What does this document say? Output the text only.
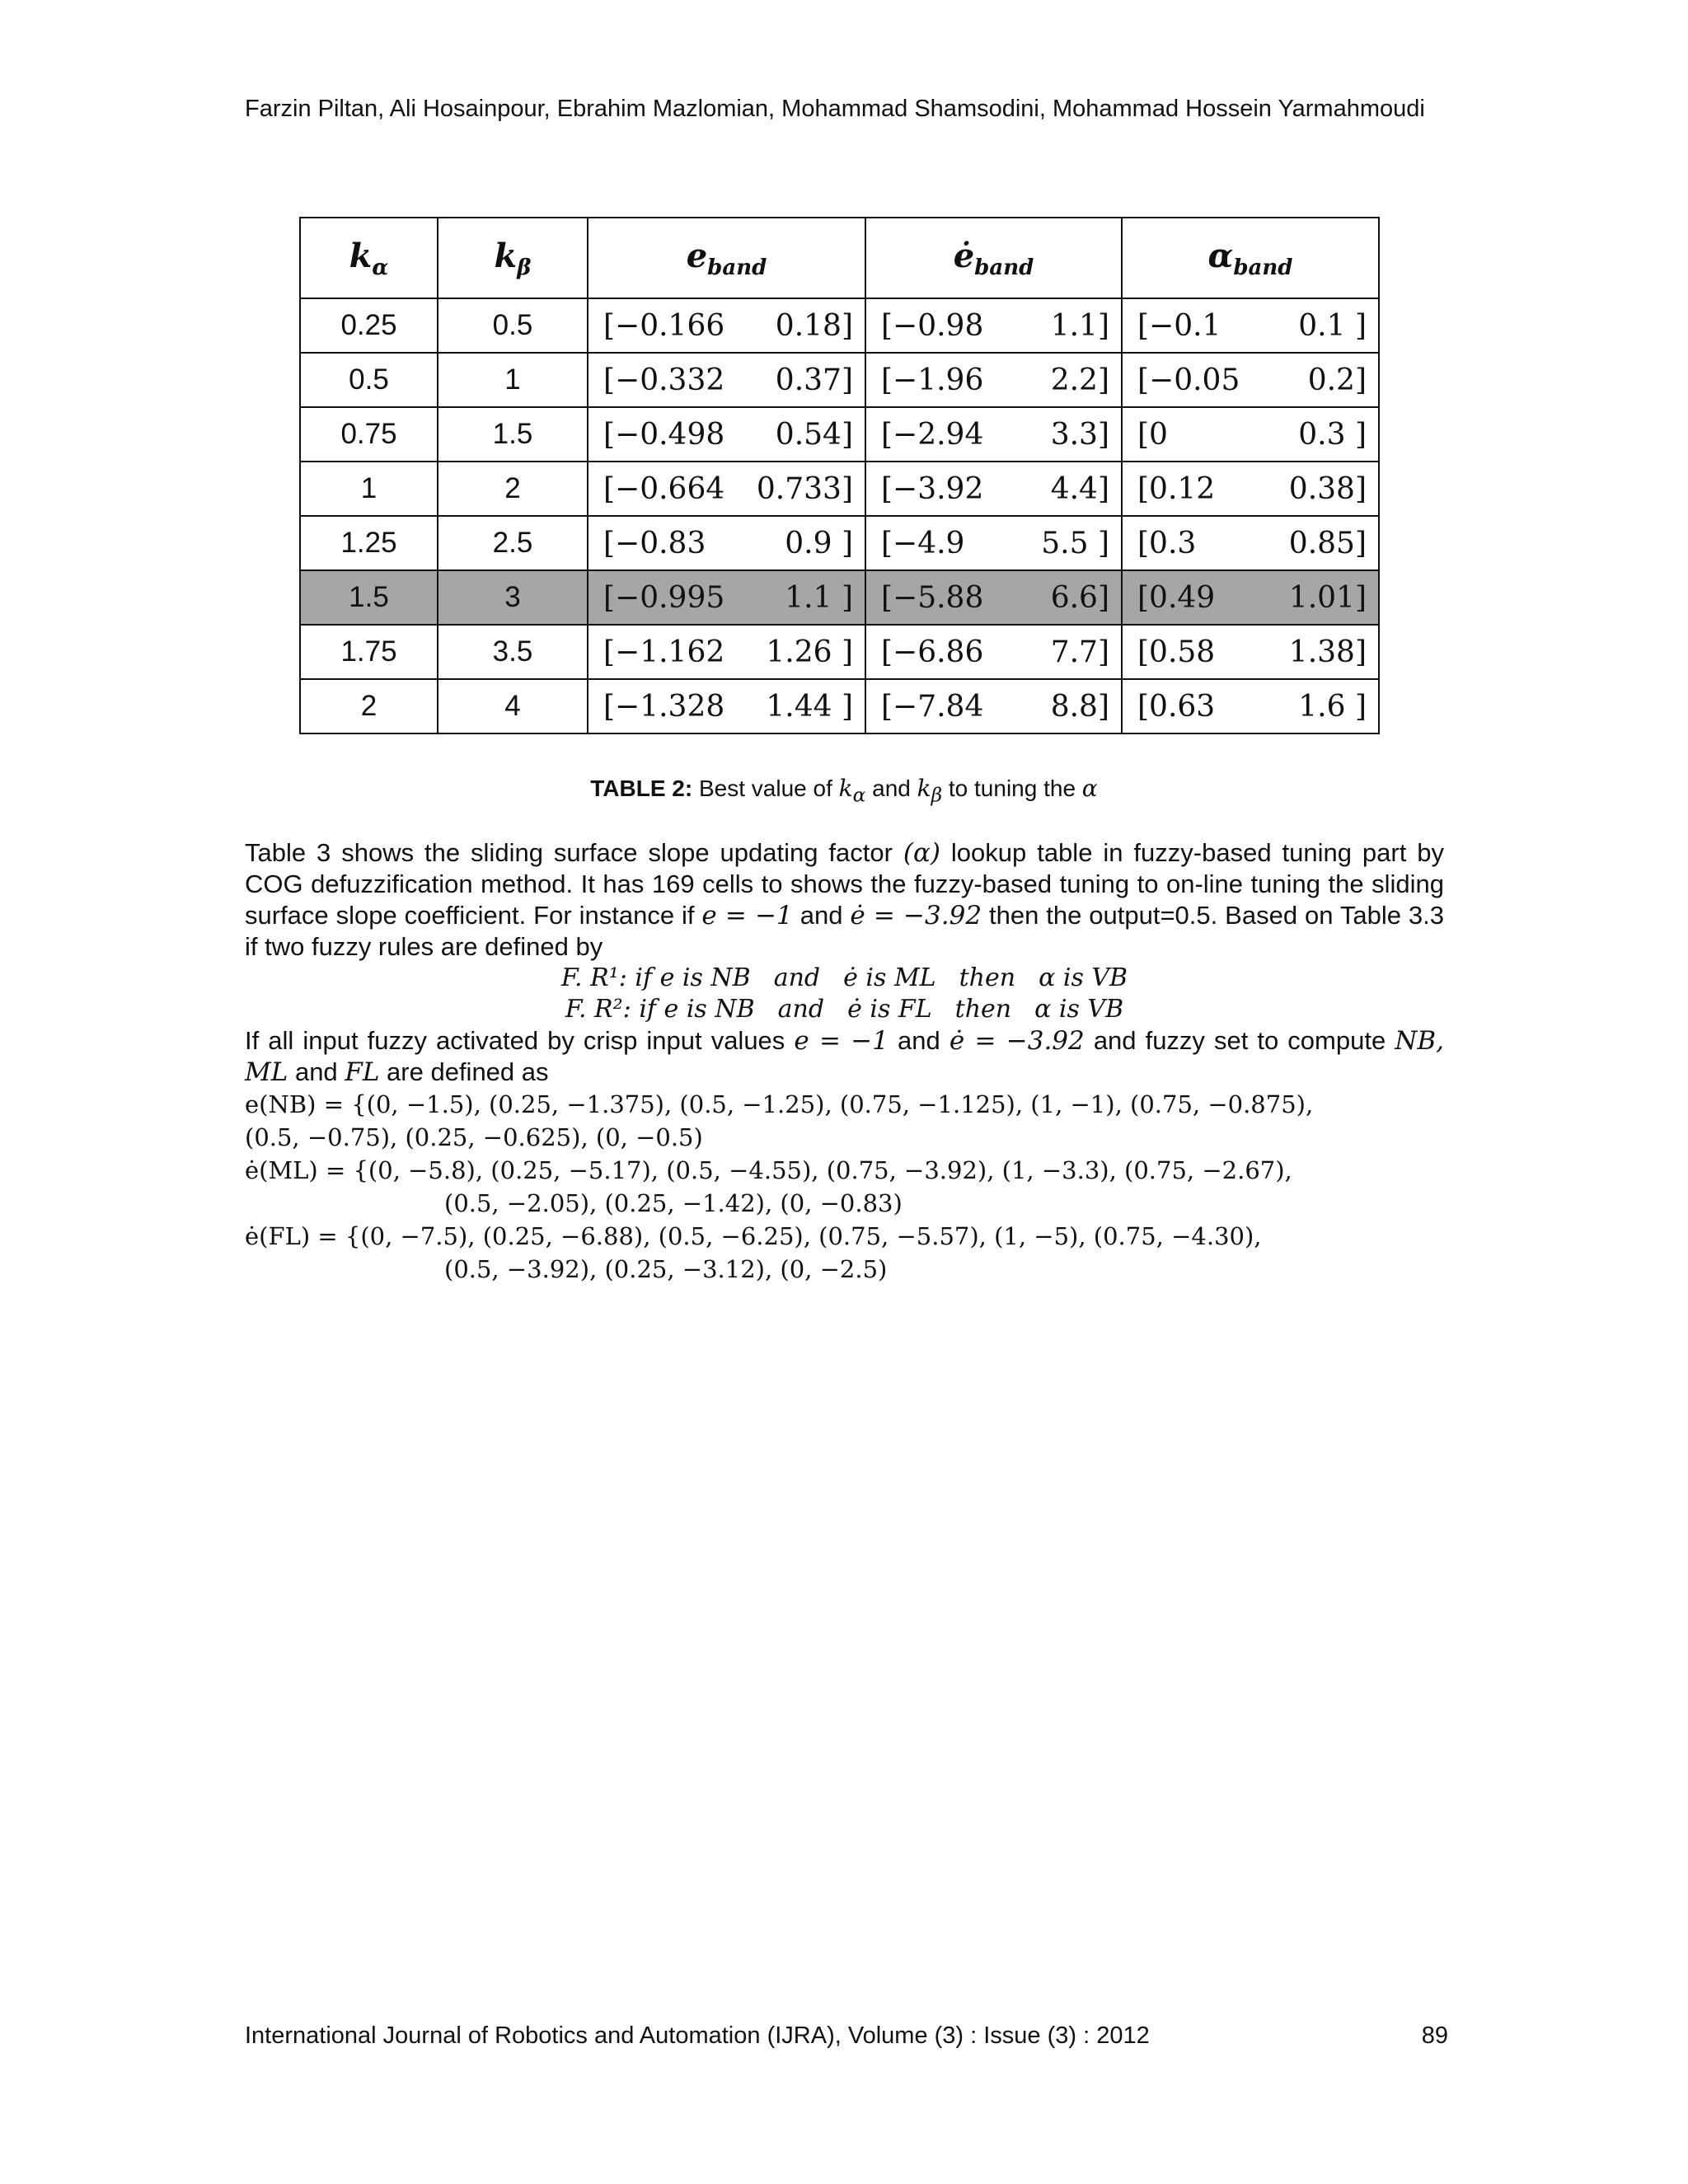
Farzin Piltan, Ali Hosainpour, Ebrahim Mazlomian, Mohammad Shamsodini, Mohammad Hossein Yarmahmoudi
$k_\alpha$	$k_\beta$	$e_{band}$	$ė_{band}$	$\alpha_{band}$
0.25	0.5	[−0.166 0.18]	[−0.98 1.1]	[−0.1 0.1 ]

0.5	1	[−0.332 0.37]	[−1.96 2.2]	[−0.05 0.2]

0.75	1.5	[−0.498 0.54]	[−2.94 3.3]	[0 0.3 ]

1	2	[−0.664 0.733]	[−3.92 4.4]	[0.12 0.38]

1.25	2.5	[−0.83 0.9 ]	[−4.9 5.5 ]	[0.3 0.85]

1.5	3	[−0.995 1.1 ]	[−5.88 6.6]	[0.49 1.01]

1.75	3.5	[−1.162 1.26 ]	[−6.86 7.7]	[0.58 1.38]

2	4	[−1.328 1.44 ]	[−7.84 8.8]	[0.63 1.6 ]
TABLE 2: Best value of $k_\alpha$ and $k_\beta$ to tuning the α
Table 3 shows the sliding surface slope updating factor (α) lookup table in fuzzy-based tuning part by COG defuzzification method. It has 169 cells to shows the fuzzy-based tuning to on-line tuning the sliding surface slope coefficient. For instance if e = −1 and ė = −3.92 then the output=0.5. Based on Table 3.3 if two fuzzy rules are defined by
F. R¹: if e is NB and ė is ML then α is VB
F. R²: if e is NB and ė is FL then α is VB
If all input fuzzy activated by crisp input values e = −1 and ė = −3.92 and fuzzy set to compute NB, ML and FL are defined as
e(NB) = {(0, −1.5), (0.25, −1.375), (0.5, −1.25), (0.75, −1.125), (1, −1), (0.75, −0.875),
(0.5, −0.75), (0.25, −0.625), (0, −0.5)
ė(ML) = {(0, −5.8), (0.25, −5.17), (0.5, −4.55), (0.75, −3.92), (1, −3.3), (0.75, −2.67),
(0.5, −2.05), (0.25, −1.42), (0, −0.83)
ė(FL) = {(0, −7.5), (0.25, −6.88), (0.5, −6.25), (0.75, −5.57), (1, −5), (0.75, −4.30),
(0.5, −3.92), (0.25, −3.12), (0, −2.5)
International Journal of Robotics and Automation (IJRA), Volume (3) : Issue (3) : 2012	89
